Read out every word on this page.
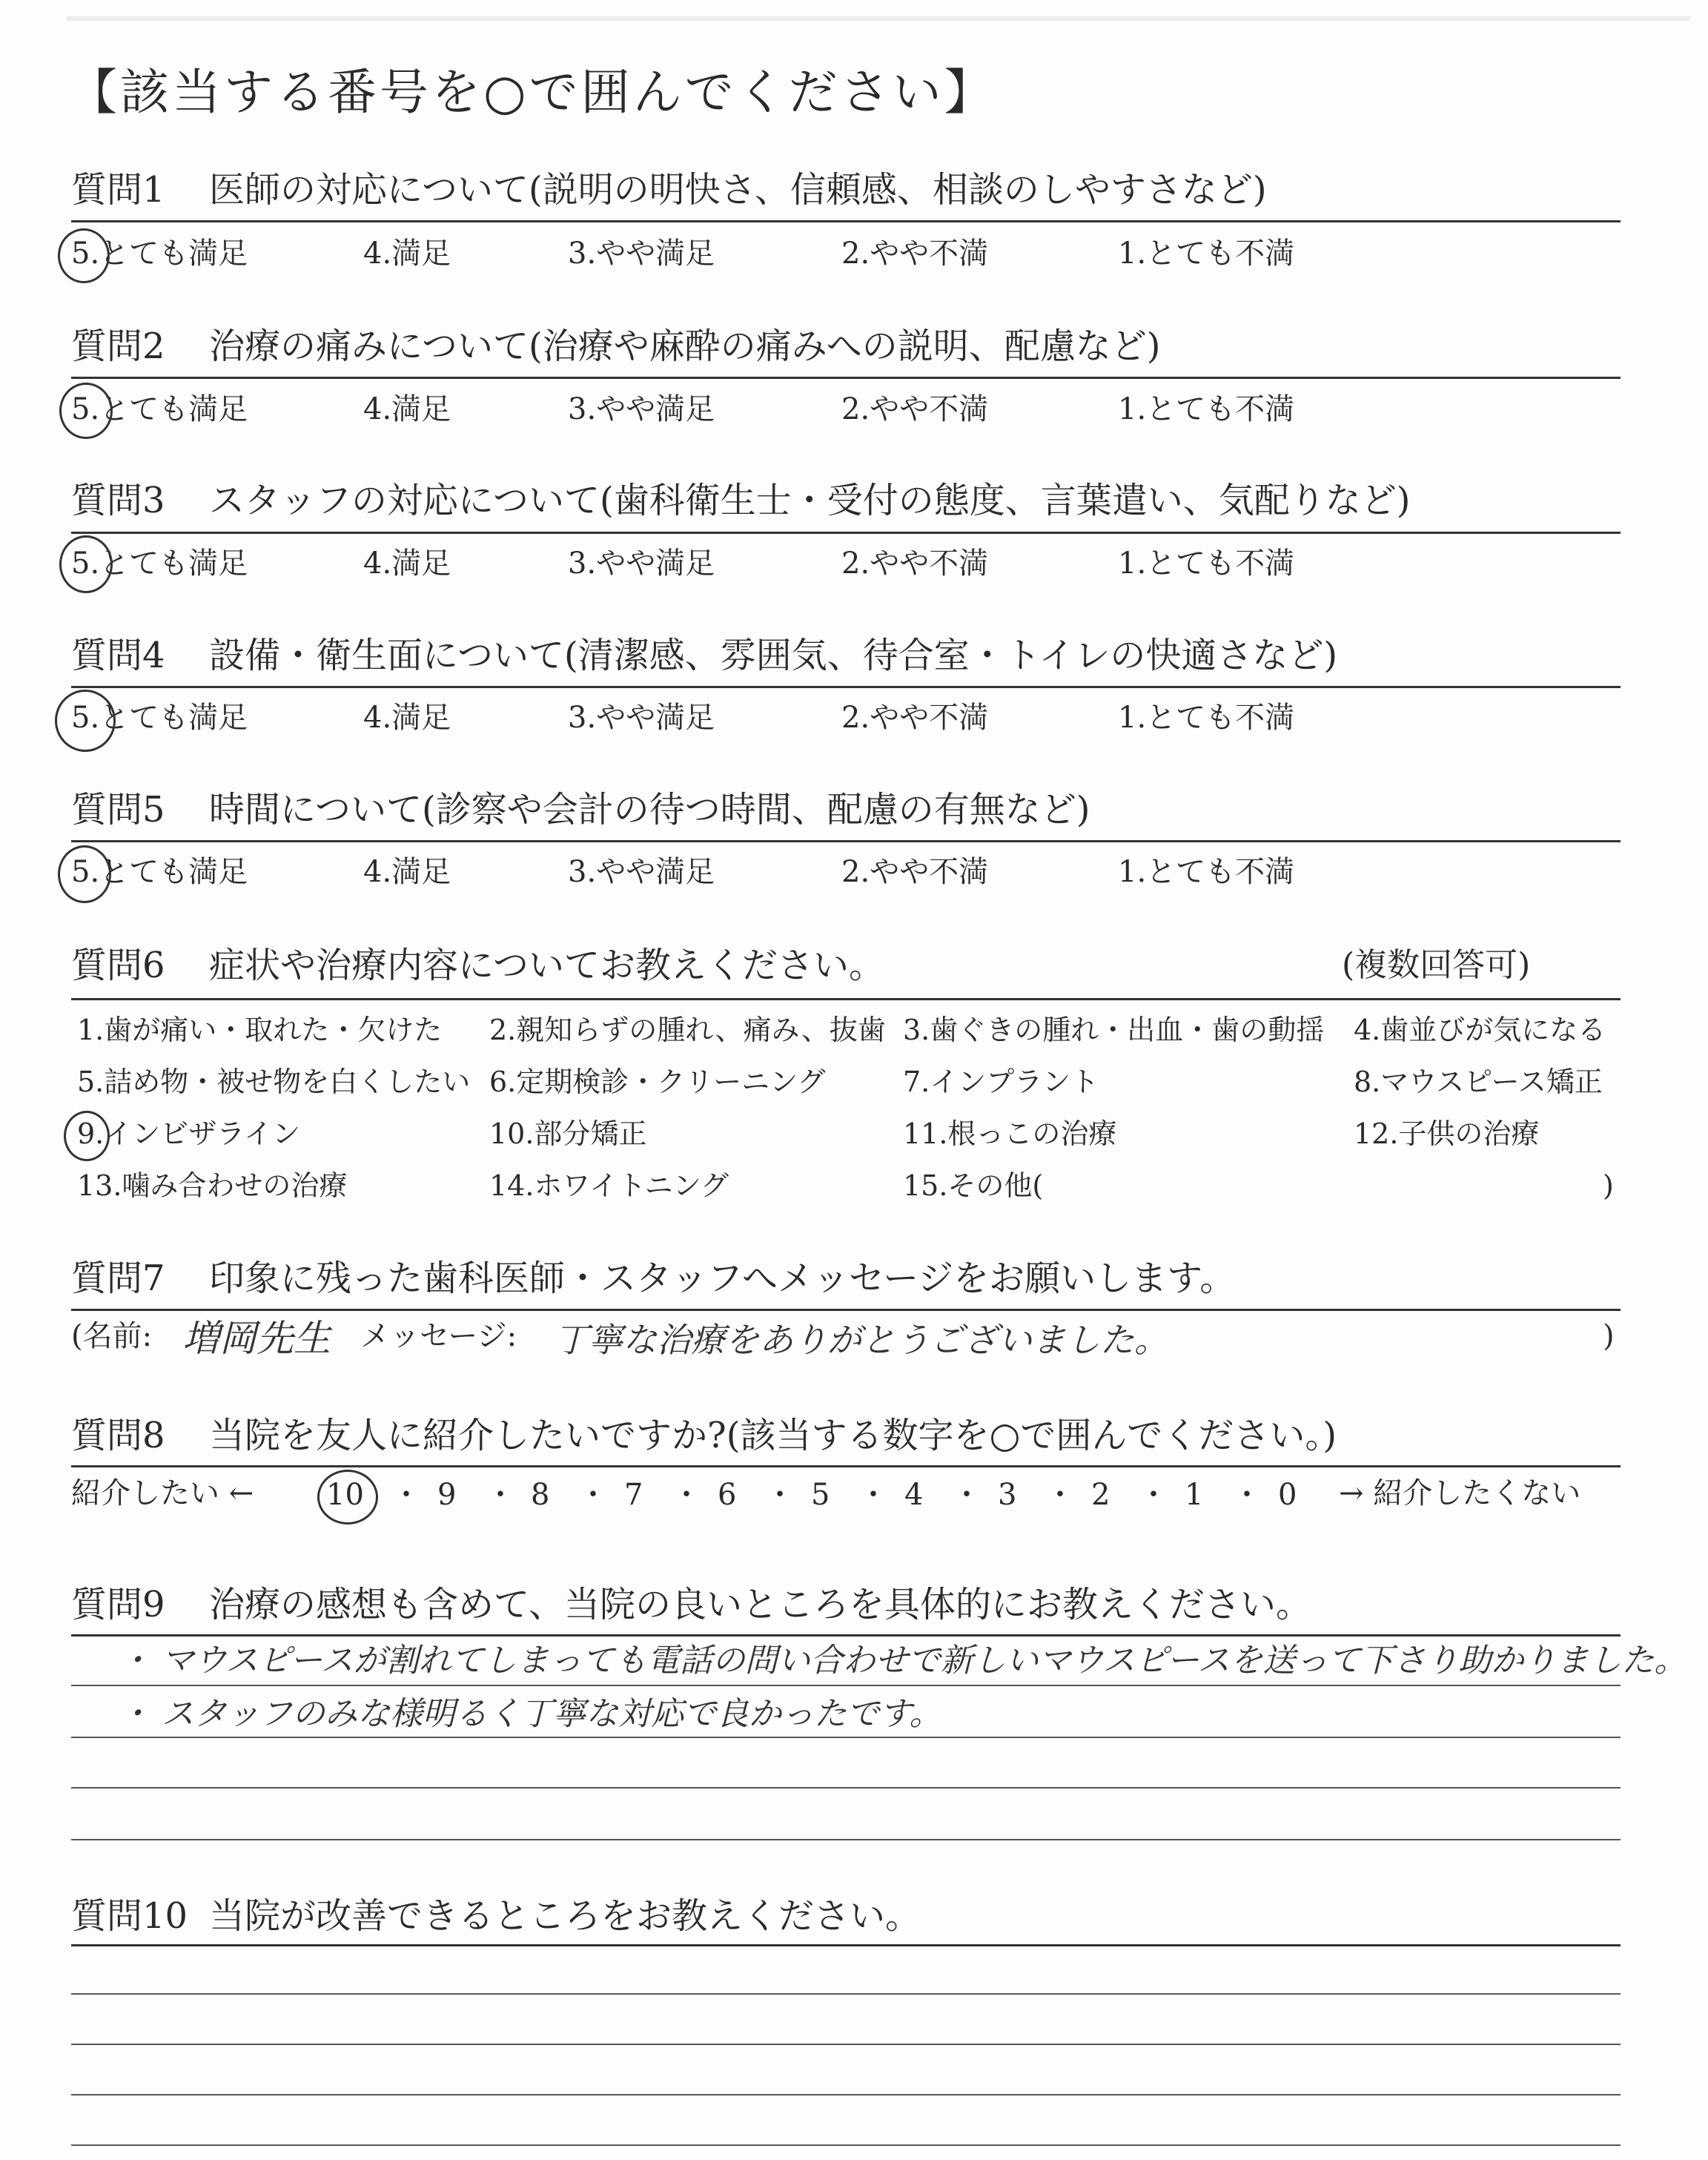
【該当する番号を○で囲んでください】
質問1 医師の対応について(説明の明快さ、信頼感、相談のしやすさなど)
5.とても満足	4.満足	3.やや満足	2.やや不満	1.とても不満
質問2 治療の痛みについて(治療や麻酔の痛みへの説明、配慮など)
5.とても満足	4.満足	3.やや満足	2.やや不満	1.とても不満
質問3 スタッフの対応について(歯科衛生士・受付の態度、言葉遣い、気配りなど)
5.とても満足	4.満足	3.やや満足	2.やや不満	1.とても不満
質問4 設備・衛生面について(清潔感、雰囲気、待合室・トイレの快適さなど)
5.とても満足	4.満足	3.やや満足	2.やや不満	1.とても不満
質問5 時間について(診察や会計の待つ時間、配慮の有無など)
5.とても満足	4.満足	3.やや満足	2.やや不満	1.とても不満
質問6 症状や治療内容についてお教えください。	(複数回答可)
1.歯が痛い・取れた・欠けた 2.親知らずの腫れ、痛み、抜歯 3.歯ぐきの腫れ・出血・歯の動揺 4.歯並びが気になる
5.詰め物・被せ物を白くしたい 6.定期検診・クリーニング	7.インプラント	8.マウスピース矯正
9.インビザライン	10.部分矯正	11.根っこの治療	12.子供の治療
13.噛み合わせの治療	14.ホワイトニング	15.その他(	)
質問7 印象に残った歯科医師・スタッフへメッセージをお願いします。
(名前: 増岡先生 メッセージ: 丁寧な治療をありがとうございました。	)
質問8 当院を友人に紹介したいですか?(該当する数字を○で囲んでください。)
紹介したい ← 10 ・ 9 ・ 8 ・ 7 ・ 6 ・ 5 ・ 4 ・ 3 ・ 2 ・ 1 ・ 0 → 紹介したくない
質問9 治療の感想も含めて、当院の良いところを具体的にお教えください。
・ マウスピースが割れてしまっても電話の問い合わせで新しいマウスピースを送って下さり助かりました。
・ スタッフのみな様明るく丁寧な対応で良かったです。
質問10 当院が改善できるところをお教えください。
